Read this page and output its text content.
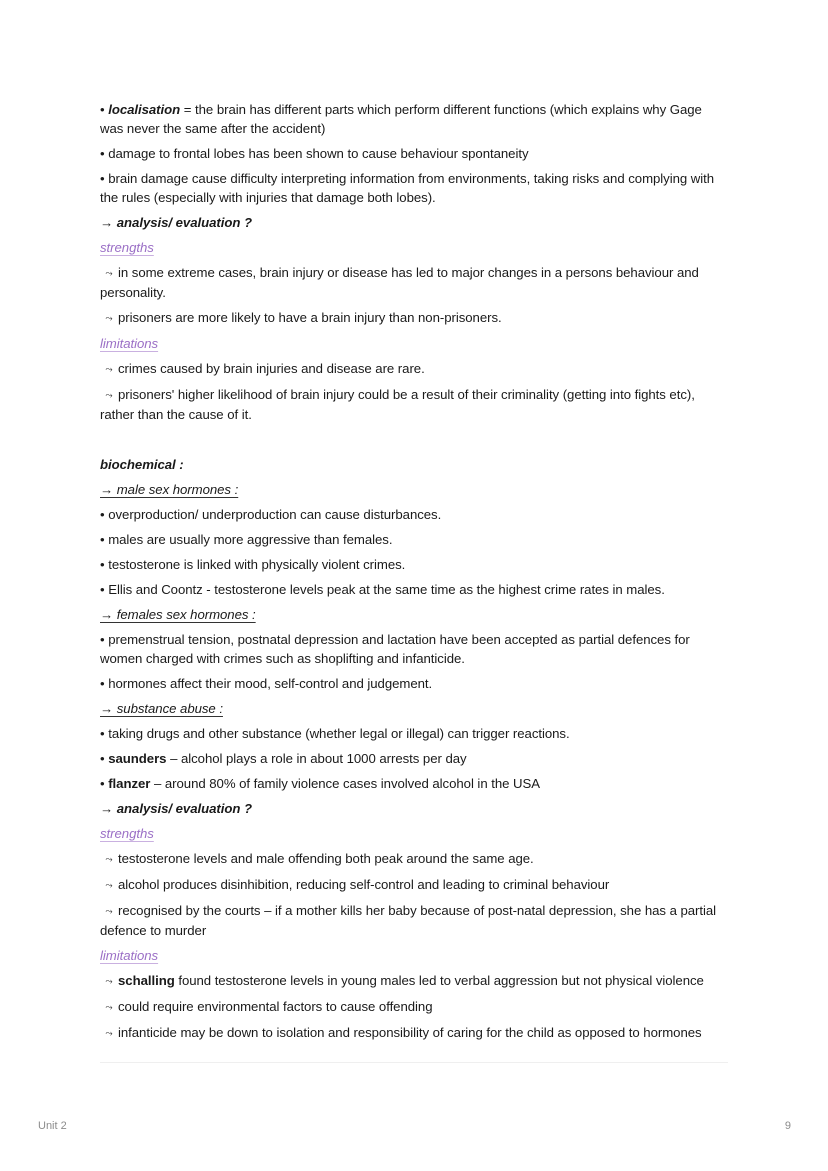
• localisation = the brain has different parts which perform different functions (which explains why Gage was never the same after the accident)

• damage to frontal lobes has been shown to cause behaviour spontaneity

• brain damage cause difficulty interpreting information from environments, taking risks and complying with the rules (especially with injuries that damage both lobes).

→ analysis/ evaluation ?

strengths

⤳ in some extreme cases, brain injury or disease has led to major changes in a persons behaviour and personality.

⤳ prisoners are more likely to have a brain injury than non-prisoners.

limitations

⤳ crimes caused by brain injuries and disease are rare.

⤳ prisoners' higher likelihood of brain injury could be a result of their criminality (getting into fights etc), rather than the cause of it.

biochemical :

→ male sex hormones :

• overproduction/ underproduction can cause disturbances.

• males are usually more aggressive than females.

• testosterone is linked with physically violent crimes.

• Ellis and Coontz - testosterone levels peak at the same time as the highest crime rates in males.

→ females sex hormones :

• premenstrual tension, postnatal depression and lactation have been accepted as partial defences for women charged with crimes such as shoplifting and infanticide.

• hormones affect their mood, self-control and judgement.

→ substance abuse :

• taking drugs and other substance (whether legal or illegal) can trigger reactions.

• saunders – alcohol plays a role in about 1000 arrests per day

• flanzer – around 80% of family violence cases involved alcohol in the USA

→ analysis/ evaluation ?

strengths

⤳ testosterone levels and male offending both peak around the same age.

⤳ alcohol produces disinhibition, reducing self-control and leading to criminal behaviour

⤳ recognised by the courts – if a mother kills her baby because of post-natal depression, she has a partial defence to murder

limitations

⤳ schalling found testosterone levels in young males led to verbal aggression but not physical violence

⤳ could require environmental factors to cause offending

⤳ infanticide may be down to isolation and responsibility of caring for the child as opposed to hormones

Unit 2	9
